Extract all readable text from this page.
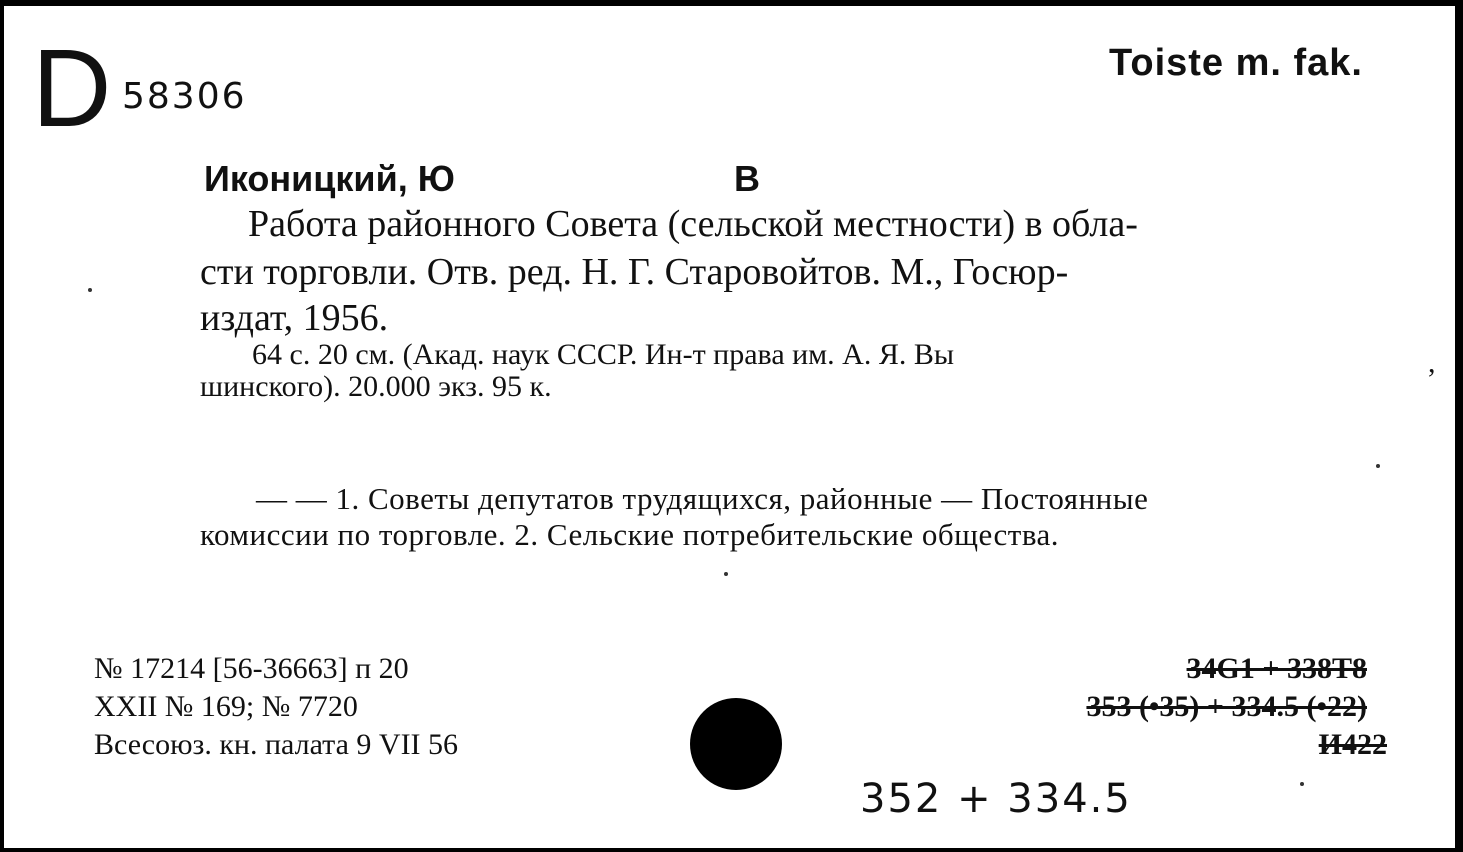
D 58306
Toiste m. fak.
Иконицкий, Ю	В
Работа районного Совета (сельской местности) в обла-
сти торговли. Отв. ред. Н. Г. Старовойтов. М., Госюр-
издат, 1956.
64 с. 20 см. (Акад. наук СССР. Ин-т права им. А. Я. Вы
шинского). 20.000 экз. 95 к.
,
— — 1. Советы депутатов трудящихся, районные — Постоянные
комиссии по торговле. 2. Сельские потребительские общества.
№ 17214 [56-36663] п 20
XXII № 169; № 7720
Всесоюз. кн. палата 9 VII 56
34G1 + 338T8
353 (•35) + 334.5 (•22)
И422
352 + 334.5
